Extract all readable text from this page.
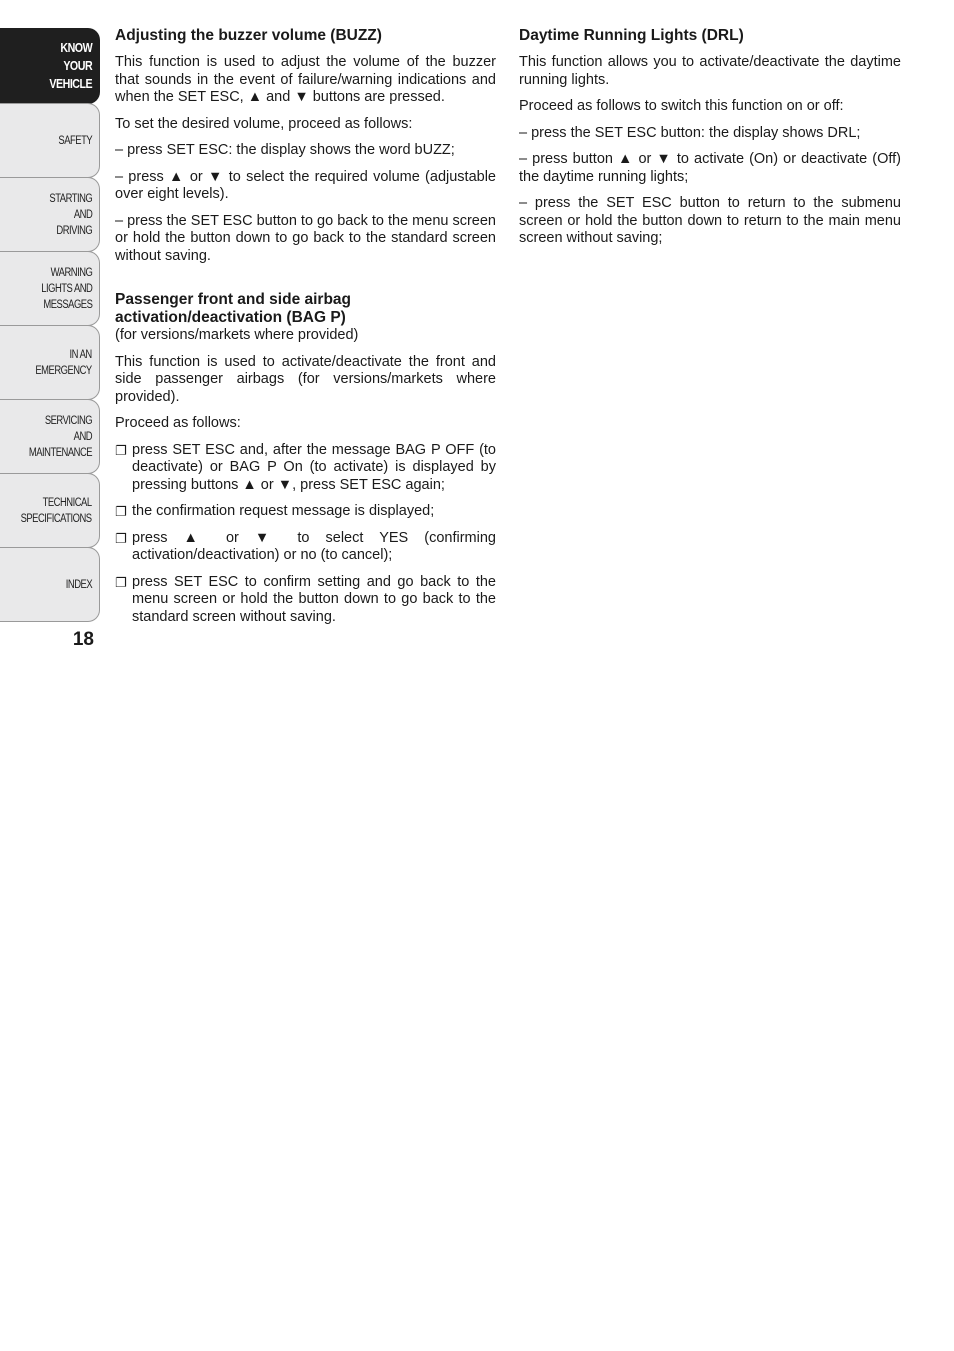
KNOW
YOUR
VEHICLE
SAFETY
STARTING
AND
DRIVING
WARNING
LIGHTS AND
MESSAGES
IN AN
EMERGENCY
SERVICING
AND
MAINTENANCE
TECHNICAL
SPECIFICATIONS
INDEX
18
Adjusting the buzzer volume (BUZZ)

This function is used to adjust the volume of the buzzer that sounds in the event of failure/warning indications and when the SET ESC, ▲ and ▼ buttons are pressed.

To set the desired volume, proceed as follows:

– press SET ESC: the display shows the word bUZZ;

– press ▲ or ▼ to select the required volume (adjustable over eight levels).

– press the SET ESC button to go back to the menu screen or hold the button down to go back to the standard screen without saving.

Passenger front and side airbag activation/deactivation (BAG P)
(for versions/markets where provided)

This function is used to activate/deactivate the front and side passenger airbags (for versions/markets where provided).

Proceed as follows:

❐ press SET ESC and, after the message BAG P OFF (to deactivate) or BAG P On (to activate) is displayed by pressing buttons ▲ or ▼, press SET ESC again;
❐ the confirmation request message is displayed;
❐ press ▲ or ▼ to select YES (confirming activation/deactivation) or no (to cancel);
❐ press SET ESC to confirm setting and go back to the menu screen or hold the button down to go back to the standard screen without saving.
Daytime Running Lights (DRL)

This function allows you to activate/deactivate the daytime running lights.

Proceed as follows to switch this function on or off:

– press the SET ESC button: the display shows DRL;

– press button ▲ or ▼ to activate (On) or deactivate (Off) the daytime running lights;

– press the SET ESC button to return to the submenu screen or hold the button down to return to the main menu screen without saving;
